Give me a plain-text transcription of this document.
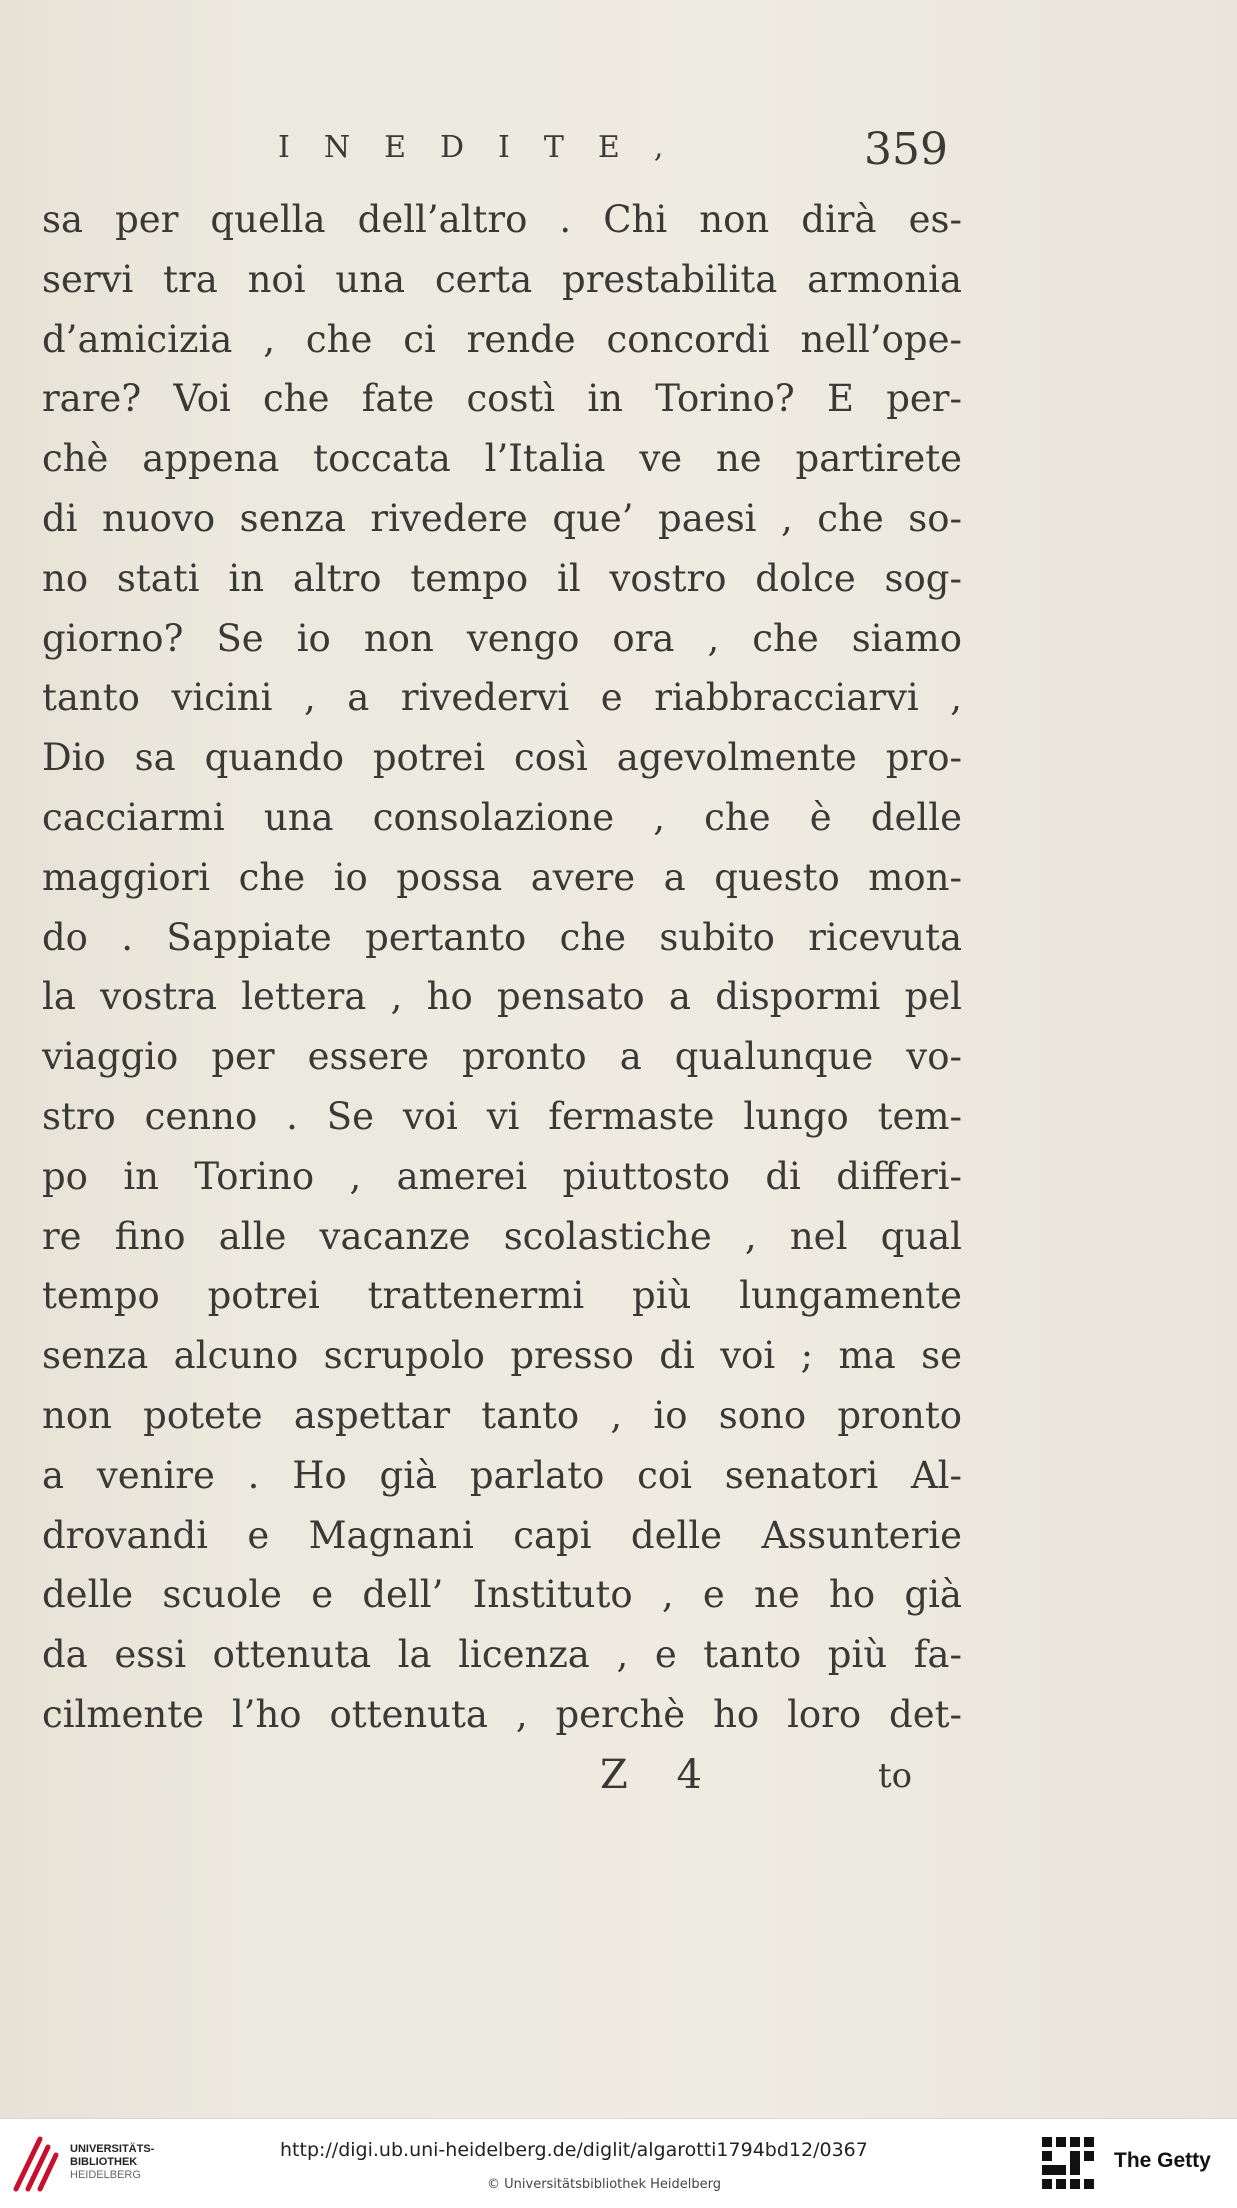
INEDITE,	359
sa per quella dell’altro . Chi non dirà es-
servi tra noi una certa prestabilita armonia
d’amicizia , che ci rende concordi nell’ope-
rare? Voi che fate costì in Torino? E per-
chè appena toccata l’Italia ve ne partirete
di nuovo senza rivedere que’ paesi , che so-
no stati in altro tempo il vostro dolce sog-
giorno? Se io non vengo ora , che siamo
tanto vicini , a rivedervi e riabbracciarvi ,
Dio sa quando potrei così agevolmente pro-
cacciarmi una consolazione , che è delle
maggiori che io possa avere a questo mon-
do . Sappiate pertanto che subito ricevuta
la vostra lettera , ho pensato a dispormi pel
viaggio per essere pronto a qualunque vo-
stro cenno . Se voi vi fermaste lungo tem-
po in Torino , amerei piuttosto di differi-
re fino alle vacanze scolastiche , nel qual
tempo potrei trattenermi più lungamente
senza alcuno scrupolo presso di voi ; ma se
non potete aspettar tanto , io sono pronto
a venire . Ho già parlato coi senatori Al-
drovandi e Magnani capi delle Assunterie
delle scuole e dell’ Instituto , e ne ho già
da essi ottenuta la licenza , e tanto più fa-
cilmente l’ho ottenuta , perchè ho loro det-
Z 4	to
UNIVERSITÄTS-
BIBLIOTHEK
HEIDELBERG
http://digi.ub.uni-heidelberg.de/diglit/algarotti1794bd12/0367
© Universitätsbibliothek Heidelberg
The Getty
